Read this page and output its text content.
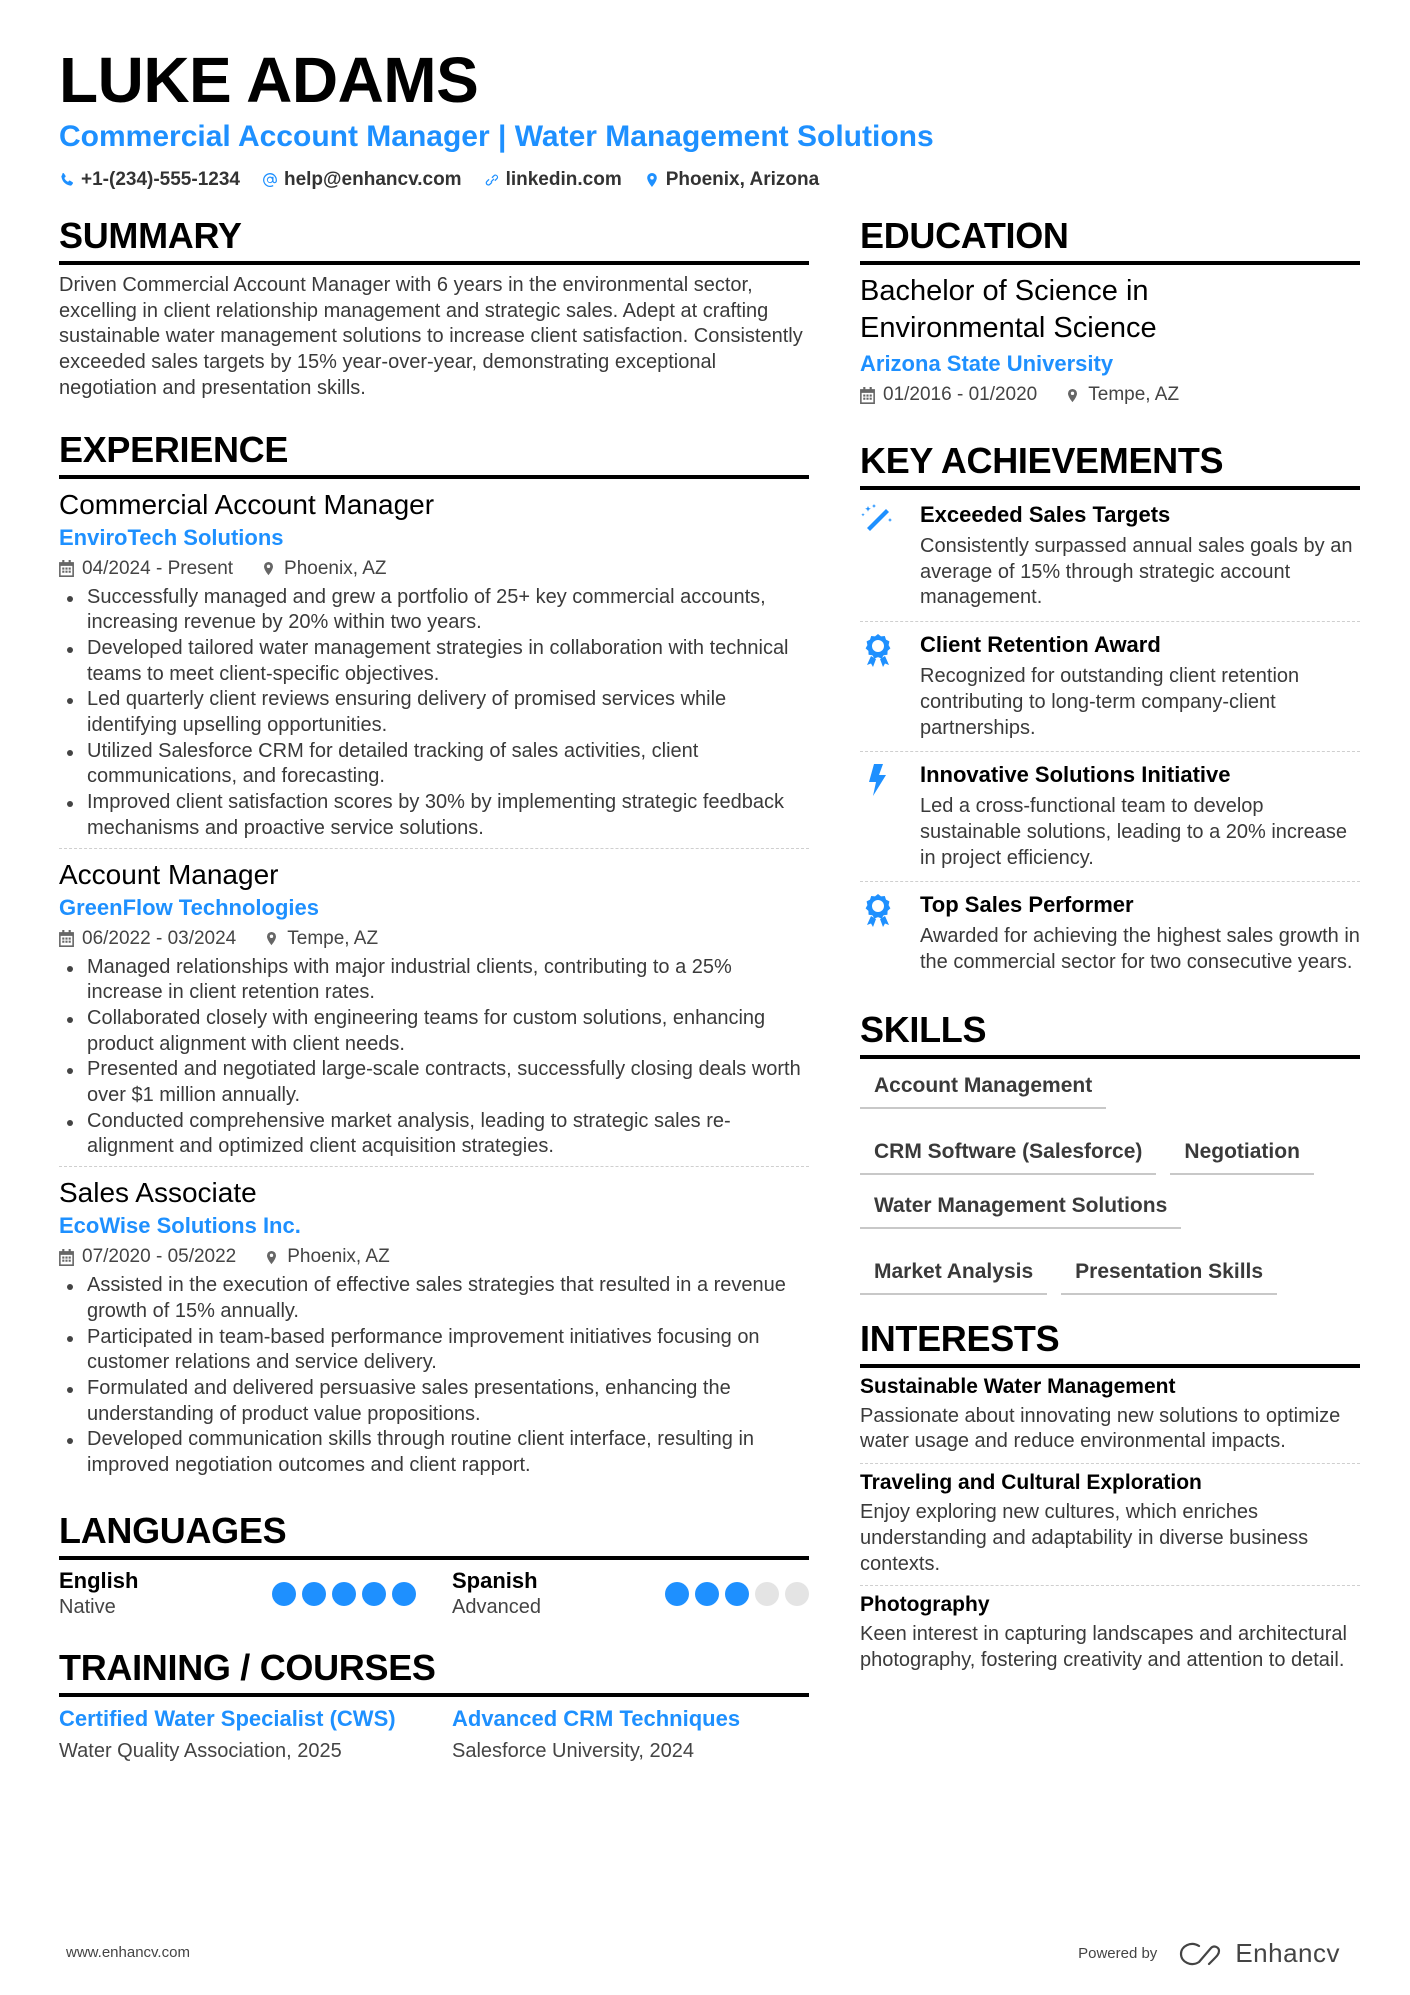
LUKE ADAMS
Commercial Account Manager | Water Management Solutions
+1-(234)-555-1234 help@enhancv.com linkedin.com Phoenix, Arizona
SUMMARY

Driven Commercial Account Manager with 6 years in the environmental sector, excelling in client relationship management and strategic sales. Adept at crafting sustainable water management solutions to increase client satisfaction. Consistently exceeded sales targets by 15% year-over-year, demonstrating exceptional negotiation and presentation skills.

EXPERIENCE
Commercial Account Manager
EnviroTech Solutions
04/2024 - Present	Phoenix, AZ
Successfully managed and grew a portfolio of 25+ key commercial accounts, increasing revenue by 20% within two years.
Developed tailored water management strategies in collaboration with technical teams to meet client-specific objectives.
Led quarterly client reviews ensuring delivery of promised services while identifying upselling opportunities.
Utilized Salesforce CRM for detailed tracking of sales activities, client communications, and forecasting.
Improved client satisfaction scores by 30% by implementing strategic feedback mechanisms and proactive service solutions.
Account Manager
GreenFlow Technologies
06/2022 - 03/2024	Tempe, AZ
Managed relationships with major industrial clients, contributing to a 25% increase in client retention rates.
Collaborated closely with engineering teams for custom solutions, enhancing product alignment with client needs.
Presented and negotiated large-scale contracts, successfully closing deals worth over $1 million annually.
Conducted comprehensive market analysis, leading to strategic sales re-alignment and optimized client acquisition strategies.
Sales Associate
EcoWise Solutions Inc.
07/2020 - 05/2022	Phoenix, AZ
Assisted in the execution of effective sales strategies that resulted in a revenue growth of 15% annually.
Participated in team-based performance improvement initiatives focusing on customer relations and service delivery.
Formulated and delivered persuasive sales presentations, enhancing the understanding of product value propositions.
Developed communication skills through routine client interface, resulting in improved negotiation outcomes and client rapport.
LANGUAGES
English
Native
Spanish
Advanced
TRAINING / COURSES
Certified Water Specialist (CWS)
Water Quality Association, 2025
Advanced CRM Techniques
Salesforce University, 2024
EDUCATION
Bachelor of Science in Environmental Science
Arizona State University
01/2016 - 01/2020	Tempe, AZ
KEY ACHIEVEMENTS
Exceeded Sales Targets
Consistently surpassed annual sales goals by an average of 15% through strategic account management.
Client Retention Award
Recognized for outstanding client retention contributing to long-term company-client partnerships.
Innovative Solutions Initiative
Led a cross-functional team to develop sustainable solutions, leading to a 20% increase in project efficiency.
Top Sales Performer
Awarded for achieving the highest sales growth in the commercial sector for two consecutive years.
SKILLS
Account Management
CRM Software (Salesforce)	Negotiation
Water Management Solutions
Market Analysis	Presentation Skills
INTERESTS
Sustainable Water Management
Passionate about innovating new solutions to optimize water usage and reduce environmental impacts.
Traveling and Cultural Exploration
Enjoy exploring new cultures, which enriches understanding and adaptability in diverse business contexts.
Photography
Keen interest in capturing landscapes and architectural photography, fostering creativity and attention to detail.
www.enhancv.com	Powered by	Enhancv
